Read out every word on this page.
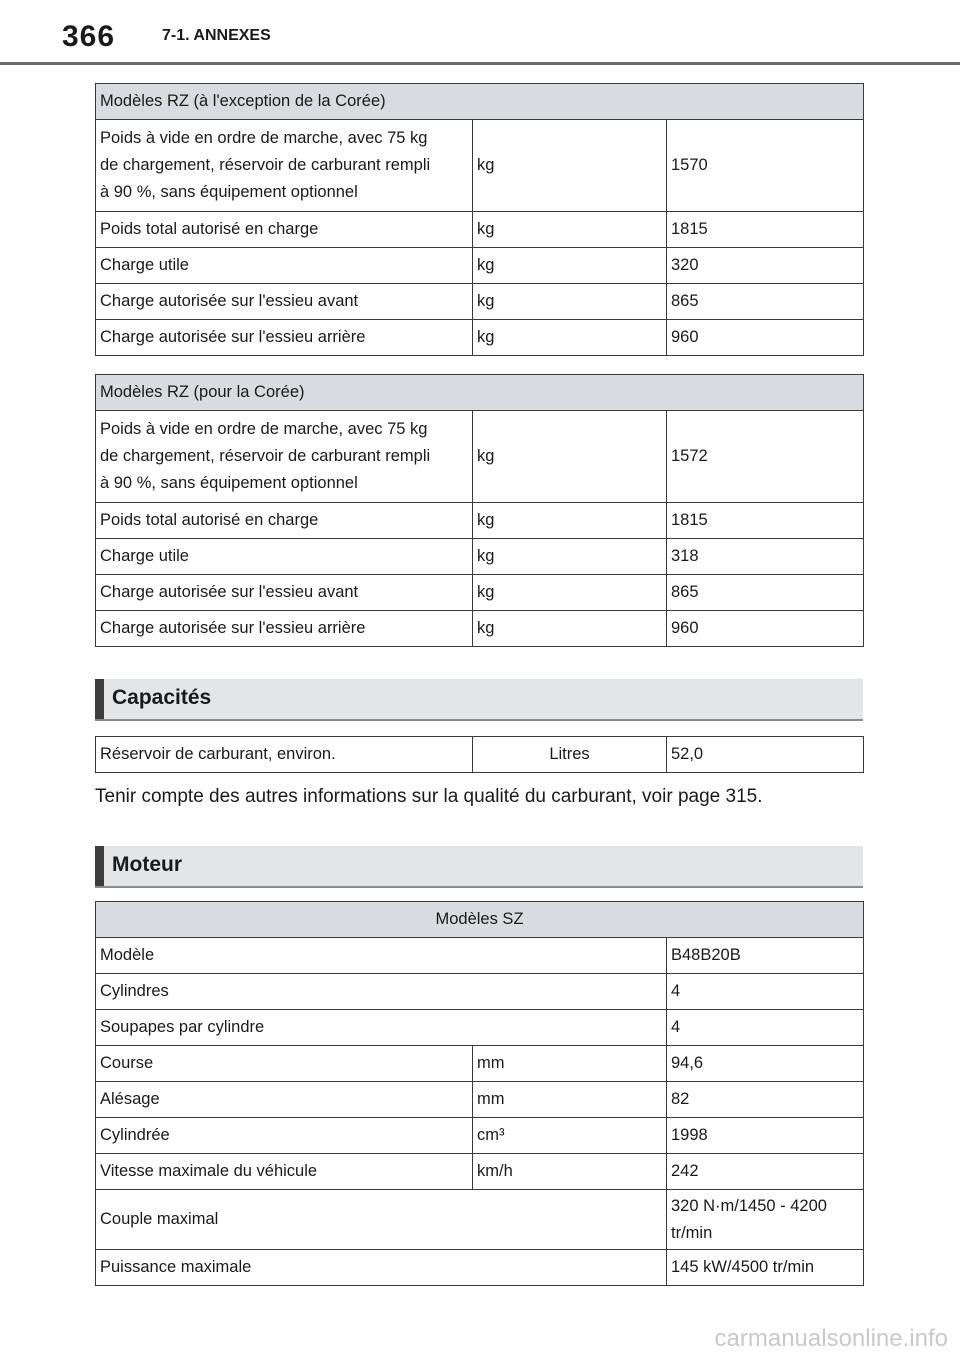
366	7-1. ANNEXES
Modèles RZ (à l'exception de la Corée)		

Poids à vide en ordre de marche, avec 75 kg
de chargement, réservoir de carburant rempli
à 90 %, sans équipement optionnel	kg	1570
Poids total autorisé en charge	kg	1815
Charge utile	kg	320
Charge autorisée sur l'essieu avant	kg	865
Charge autorisée sur l'essieu arrière	kg	960
Modèles RZ (pour la Corée)		

Poids à vide en ordre de marche, avec 75 kg
de chargement, réservoir de carburant rempli
à 90 %, sans équipement optionnel	kg	1572
Poids total autorisé en charge	kg	1815
Charge utile	kg	318
Charge autorisée sur l'essieu avant	kg	865
Charge autorisée sur l'essieu arrière	kg	960
Capacités
Réservoir de carburant, environ.	Litres	52,0
Tenir compte des autres informations sur la qualité du carburant, voir page 315.
Moteur
Modèles SZ		
Modèle		B48B20B
Cylindres		4
Soupapes par cylindre		4
Course	mm	94,6
Alésage	mm	82
Cylindrée	cm³	1998
Vitesse maximale du véhicule	km/h	242
Couple maximal		320 N·m/1450 - 4200
tr/min

Puissance maximale		145 kW/4500 tr/min
carmanualsonline.info
